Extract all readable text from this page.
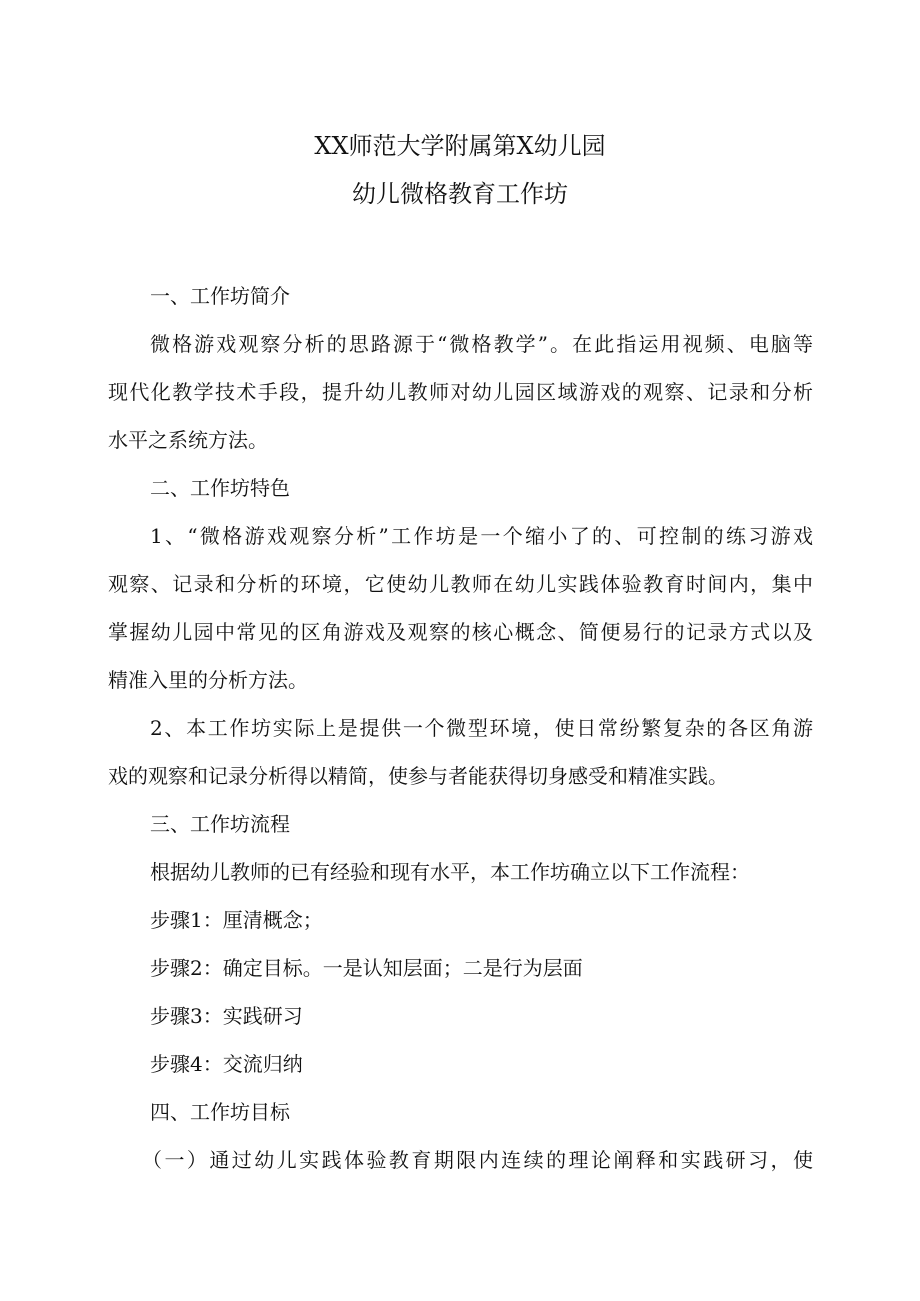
XX师范大学附属第X幼儿园
幼儿微格教育工作坊
一、工作坊简介
微格游戏观察分析的思路源于“微格教学”。在此指运用视频、电脑等
现代化教学技术手段，提升幼儿教师对幼儿园区域游戏的观察、记录和分析
水平之系统方法。
二、工作坊特色
1、“微格游戏观察分析”工作坊是一个缩小了的、可控制的练习游戏
观察、记录和分析的环境，它使幼儿教师在幼儿实践体验教育时间内，集中
掌握幼儿园中常见的区角游戏及观察的核心概念、简便易行的记录方式以及
精准入里的分析方法。
2、本工作坊实际上是提供一个微型环境，使日常纷繁复杂的各区角游
戏的观察和记录分析得以精简，使参与者能获得切身感受和精准实践。
三、工作坊流程
根据幼儿教师的已有经验和现有水平，本工作坊确立以下工作流程：
步骤1：厘清概念；
步骤2：确定目标。一是认知层面；二是行为层面
步骤3：实践研习
步骤4：交流归纳
四、工作坊目标
（一）通过幼儿实践体验教育期限内连续的理论阐释和实践研习，使
